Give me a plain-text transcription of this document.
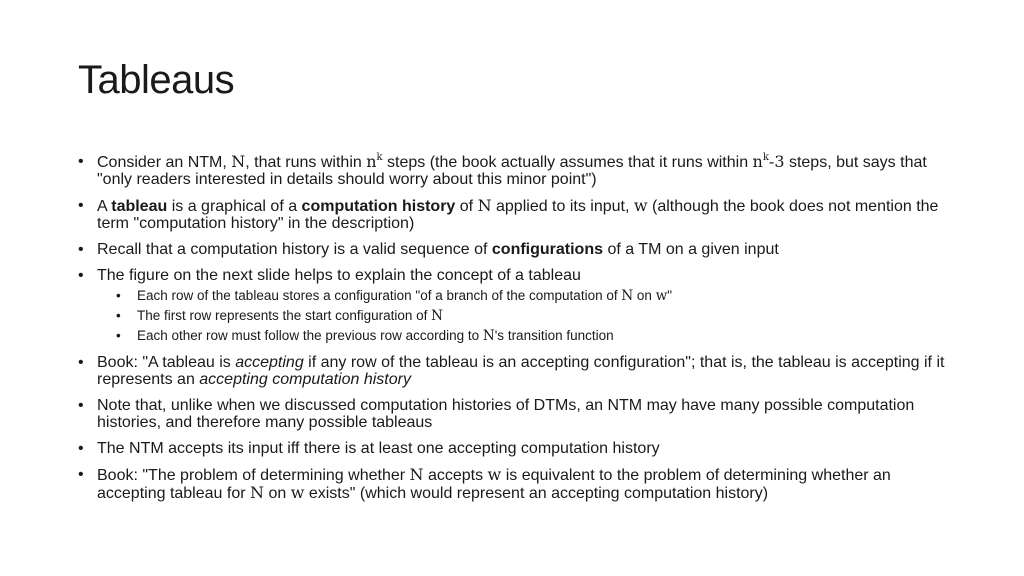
Tableaus
• Consider an NTM, N, that runs within $n^k$ steps (the book actually assumes that it runs within $n^k-3$ steps, but says that "only readers interested in details should worry about this minor point")
• A tableau is a graphical of a computation history of N applied to its input, w (although the book does not mention the term "computation history" in the description)
• Recall that a computation history is a valid sequence of configurations of a TM on a given input
• The figure on the next slide helps to explain the concept of a tableau
• Each row of the tableau stores a configuration "of a branch of the computation of N on w"
• The first row represents the start configuration of N
• Each other row must follow the previous row according to N's transition function
• Book: "A tableau is accepting if any row of the tableau is an accepting configuration"; that is, the tableau is accepting if it represents an accepting computation history
• Note that, unlike when we discussed computation histories of DTMs, an NTM may have many possible computation histories, and therefore many possible tableaus
• The NTM accepts its input iff there is at least one accepting computation history
• Book: "The problem of determining whether N accepts w is equivalent to the problem of determining whether an accepting tableau for N on w exists" (which would represent an accepting computation history)
